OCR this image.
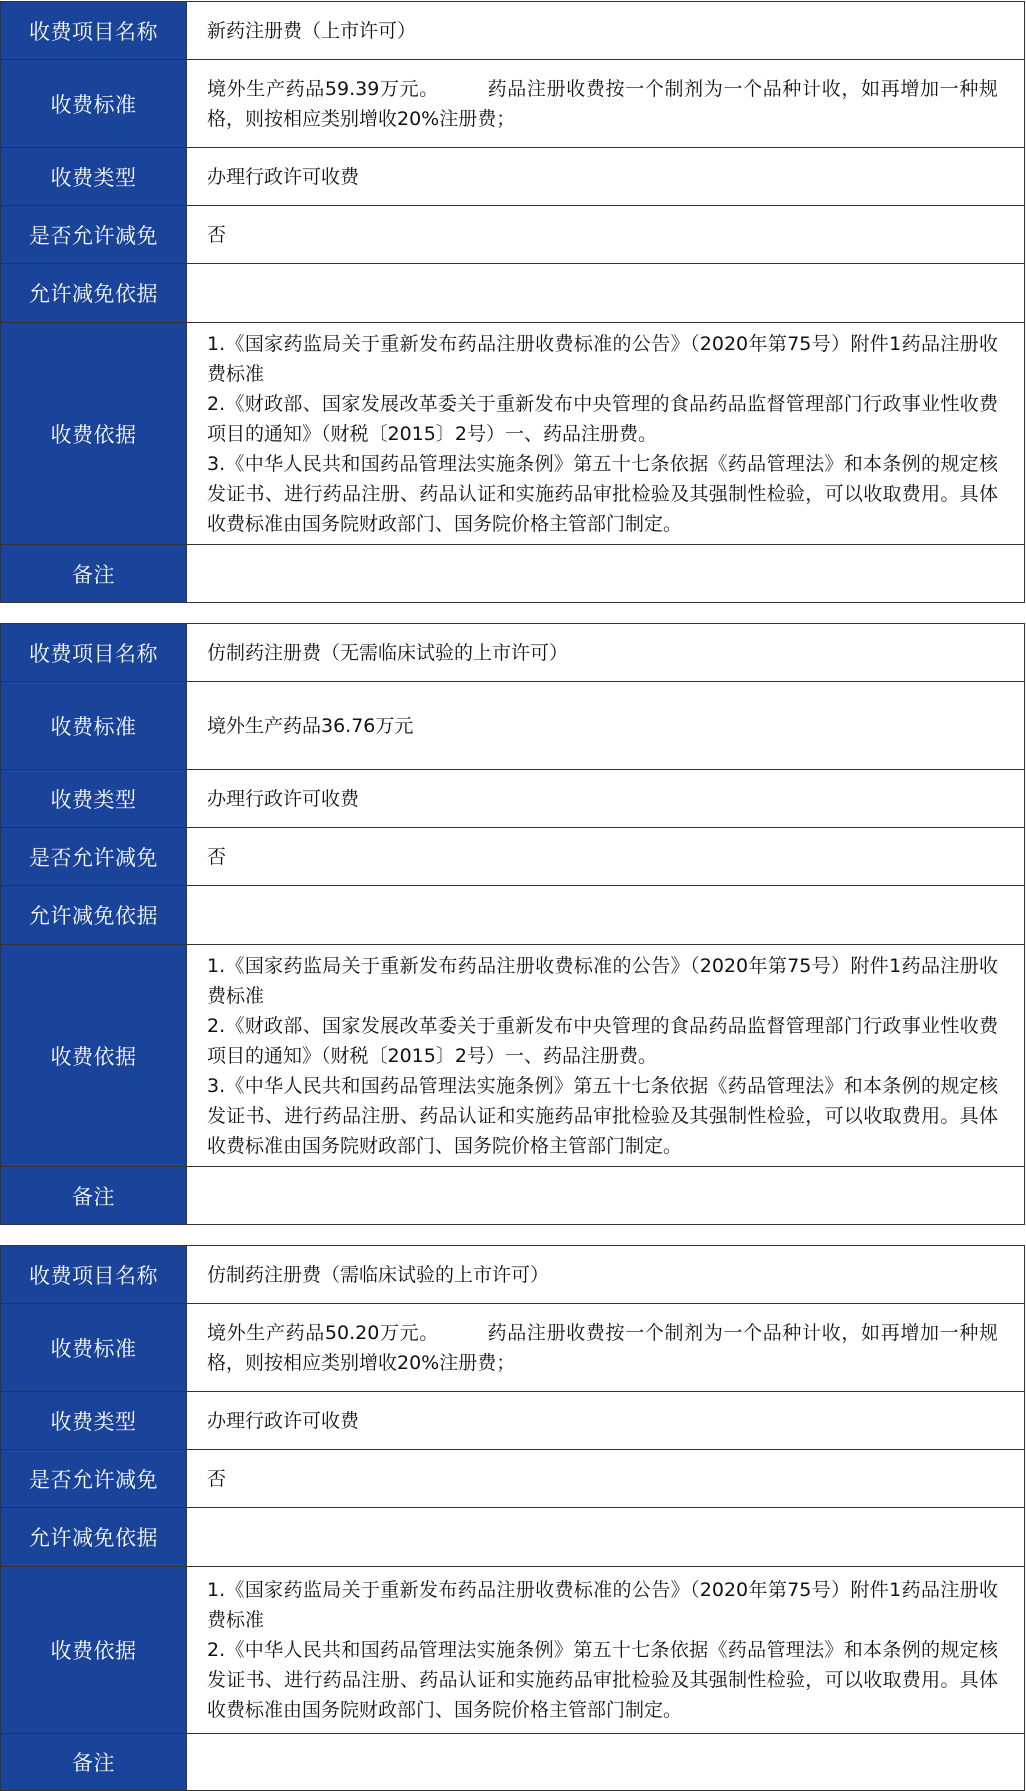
收费项目名称	新药注册费（上市许可）
收费标准	境外生产药品59.39万元。 药品注册收费按一个制剂为一个品种计收，如再增加一种规格，则按相应类别增收20%注册费；
收费类型	办理行政许可收费
是否允许减免	否
允许减免依据	
收费依据	1.《国家药监局关于重新发布药品注册收费标准的公告》（2020年第75号）附件1药品注册收费标准
2.《财政部、国家发展改革委关于重新发布中央管理的食品药品监督管理部门行政事业性收费项目的通知》（财税〔2015〕2号）一、药品注册费。
3.《中华人民共和国药品管理法实施条例》第五十七条依据《药品管理法》和本条例的规定核发证书、进行药品注册、药品认证和实施药品审批检验及其强制性检验，可以收取费用。具体收费标准由国务院财政部门、国务院价格主管部门制定。

备注	
收费项目名称	仿制药注册费（无需临床试验的上市许可）
收费标准	境外生产药品36.76万元
收费类型	办理行政许可收费
是否允许减免	否
允许减免依据	
收费依据	1.《国家药监局关于重新发布药品注册收费标准的公告》（2020年第75号）附件1药品注册收费标准
2.《财政部、国家发展改革委关于重新发布中央管理的食品药品监督管理部门行政事业性收费项目的通知》（财税〔2015〕2号）一、药品注册费。
3.《中华人民共和国药品管理法实施条例》第五十七条依据《药品管理法》和本条例的规定核发证书、进行药品注册、药品认证和实施药品审批检验及其强制性检验，可以收取费用。具体收费标准由国务院财政部门、国务院价格主管部门制定。

备注	
收费项目名称	仿制药注册费（需临床试验的上市许可）
收费标准	境外生产药品50.20万元。 药品注册收费按一个制剂为一个品种计收，如再增加一种规格，则按相应类别增收20%注册费；
收费类型	办理行政许可收费
是否允许减免	否
允许减免依据	
收费依据	1.《国家药监局关于重新发布药品注册收费标准的公告》（2020年第75号）附件1药品注册收费标准
2.《中华人民共和国药品管理法实施条例》第五十七条依据《药品管理法》和本条例的规定核发证书、进行药品注册、药品认证和实施药品审批检验及其强制性检验，可以收取费用。具体收费标准由国务院财政部门、国务院价格主管部门制定。

备注	
